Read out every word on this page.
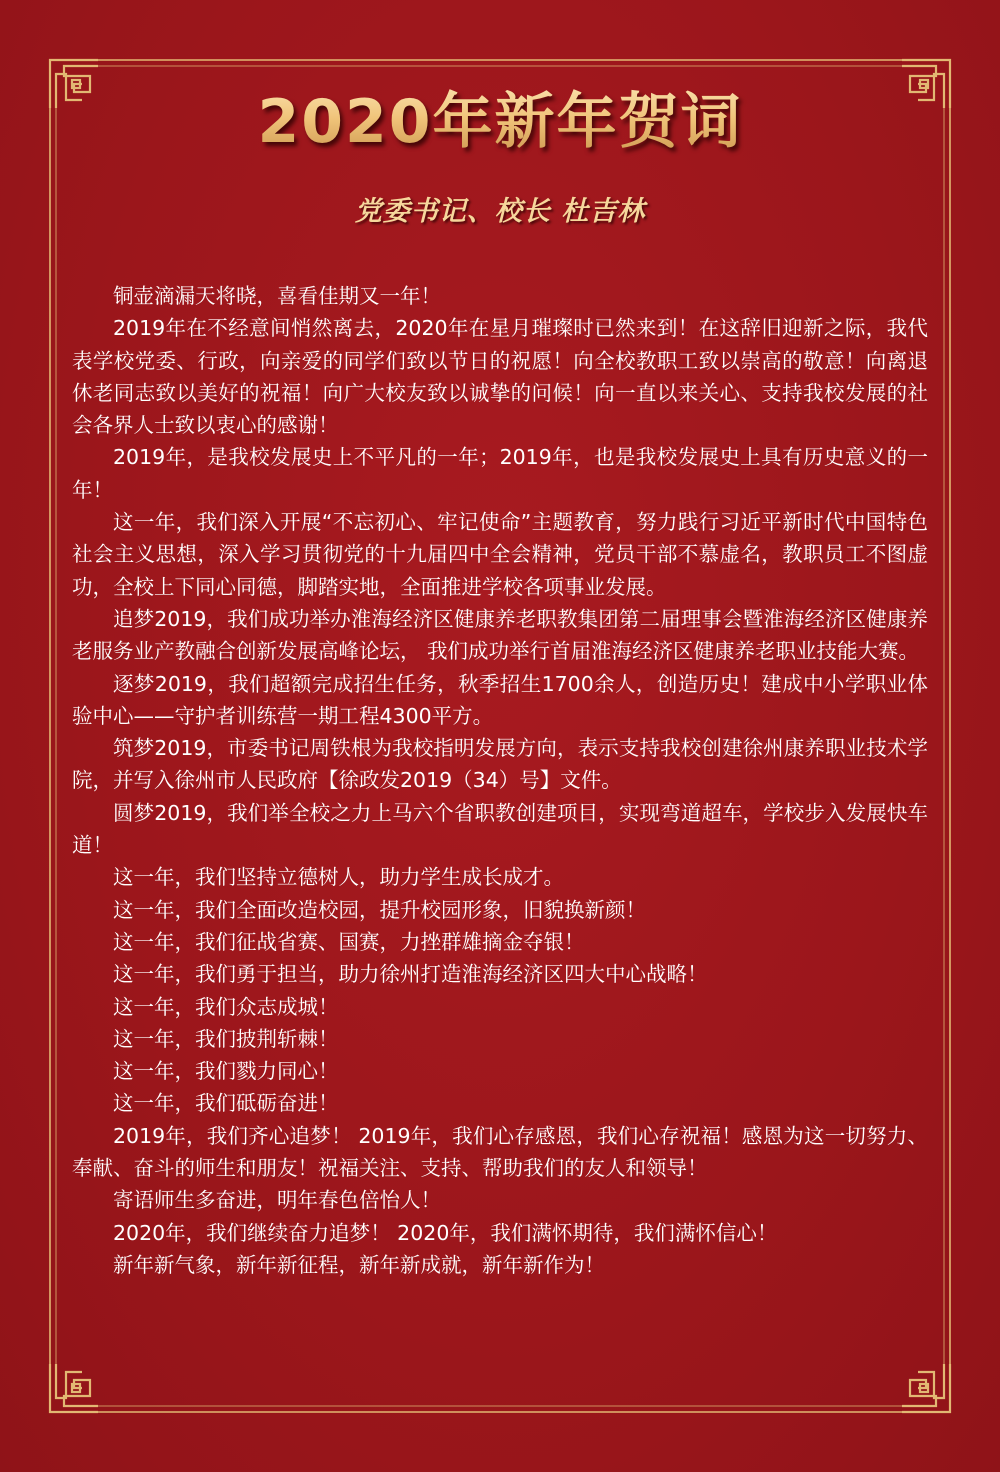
2020年新年贺词
党委书记、校长 杜吉林

铜壶滴漏天将晓，喜看佳期又一年！

2019年在不经意间悄然离去，2020年在星月璀璨时已然来到！在这辞旧迎新之际，我代表学校党委、行政，向亲爱的同学们致以节日的祝愿！向全校教职工致以崇高的敬意！向离退休老同志致以美好的祝福！向广大校友致以诚挚的问候！向一直以来关心、支持我校发展的社会各界人士致以衷心的感谢！

2019年，是我校发展史上不平凡的一年；2019年，也是我校发展史上具有历史意义的一年！

这一年，我们深入开展“不忘初心、牢记使命”主题教育，努力践行习近平新时代中国特色社会主义思想，深入学习贯彻党的十九届四中全会精神，党员干部不慕虚名，教职员工不图虚功，全校上下同心同德，脚踏实地，全面推进学校各项事业发展。

追梦2019，我们成功举办淮海经济区健康养老职教集团第二届理事会暨淮海经济区健康养老服务业产教融合创新发展高峰论坛， 我们成功举行首届淮海经济区健康养老职业技能大赛。

逐梦2019，我们超额完成招生任务，秋季招生1700余人，创造历史！建成中小学职业体验中心——守护者训练营一期工程4300平方。

筑梦2019，市委书记周铁根为我校指明发展方向，表示支持我校创建徐州康养职业技术学院，并写入徐州市人民政府【徐政发2019（34）号】文件。

圆梦2019，我们举全校之力上马六个省职教创建项目，实现弯道超车，学校步入发展快车道！

这一年，我们坚持立德树人，助力学生成长成才。

这一年，我们全面改造校园，提升校园形象，旧貌换新颜！

这一年，我们征战省赛、国赛，力挫群雄摘金夺银！

这一年，我们勇于担当，助力徐州打造淮海经济区四大中心战略！

这一年，我们众志成城！

这一年，我们披荆斩棘！

这一年，我们戮力同心！

这一年，我们砥砺奋进！

2019年，我们齐心追梦！ 2019年，我们心存感恩，我们心存祝福！感恩为这一切努力、奉献、奋斗的师生和朋友！祝福关注、支持、帮助我们的友人和领导！

寄语师生多奋进，明年春色倍怡人！

2020年，我们继续奋力追梦！ 2020年，我们满怀期待，我们满怀信心！

新年新气象，新年新征程，新年新成就，新年新作为！
